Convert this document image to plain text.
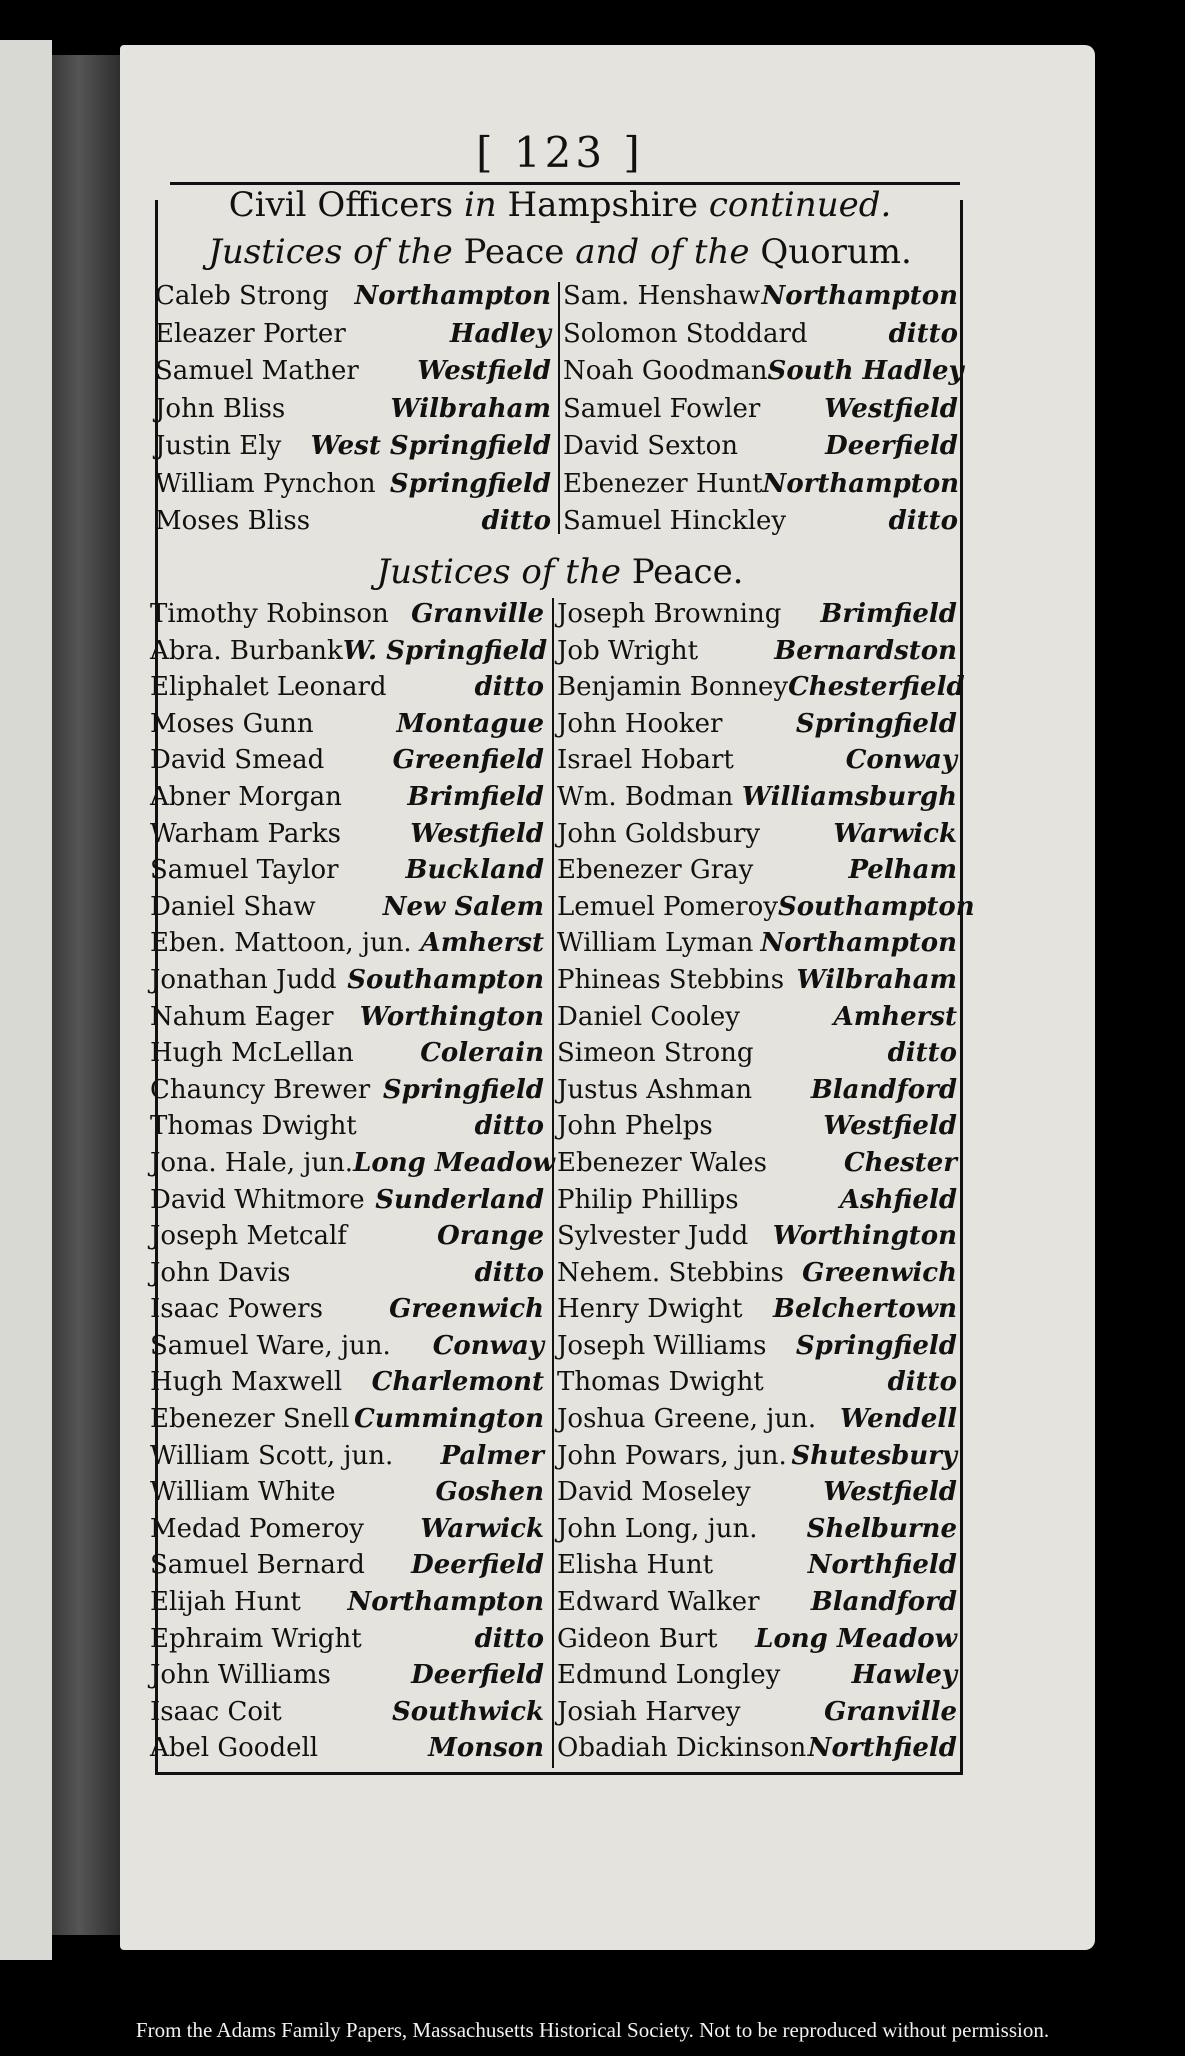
[ 123 ]
Civil Officers in Hampshire continued.
Justices of the Peace and of the Quorum.
Caleb Strong Northampton
Eleazer Porter	Hadley
Samuel Mather Westfield
John Bliss	Wilbraham
Justin Ely West Springfield
William Pynchon Springfield
Moses Bliss	ditto
Sam. Henshaw Northampton
Solomon Stoddard	ditto
Noah Goodman South Hadley
Samuel Fowler Westfield
David Sexton	Deerfield
Ebenezer Hunt Northampton
Samuel Hinckley	ditto
Justices of the Peace.
Timothy Robinson Granville
Abra. Burbank W. Springfield
Eliphalet Leonard	ditto
Moses Gunn	Montague
David Smead	Greenfield
Abner Morgan	Brimfield
Warham Parks	Westfield
Samuel Taylor	Buckland
Daniel Shaw	New Salem
Eben. Mattoon, jun. Amherst
Jonathan Judd Southampton
Nahum Eager Worthington
Hugh McLellan	Colerain
Chauncy Brewer Springfield
Thomas Dwight	ditto
Jona. Hale, jun. Long Meadow
David Whitmore Sunderland
Joseph Metcalf	Orange
John Davis	ditto
Isaac Powers	Greenwich
Samuel Ware, jun. Conway
Hugh Maxwell Charlemont
Ebenezer Snell Cummington
William Scott, jun. Palmer
William White	Goshen
Medad Pomeroy Warwick
Samuel Bernard Deerfield
Elijah Hunt Northampton
Ephraim Wright	ditto
John Williams	Deerfield
Isaac Coit	Southwick
Abel Goodell	Monson
Joseph Browning Brimfield
Job Wright	Bernardston
Benjamin Bonney Chesterfield
John Hooker	Springfield
Israel Hobart	Conway
Wm. Bodman Williamsburgh
John Goldsbury	Warwick
Ebenezer Gray	Pelham
Lemuel Pomeroy Southampton
William Lyman Northampton
Phineas Stebbins Wilbraham
Daniel Cooley	Amherst
Simeon Strong	ditto
Justus Ashman Blandford
John Phelps	Westfield
Ebenezer Wales	Chester
Philip Phillips	Ashfield
Sylvester Judd Worthington
Nehem. Stebbins Greenwich
Henry Dwight Belchertown
Joseph Williams Springfield
Thomas Dwight	ditto
Joshua Greene, jun. Wendell
John Powars, jun. Shutesbury
David Moseley	Westfield
John Long, jun. Shelburne
Elisha Hunt	Northfield
Edward Walker Blandford
Gideon Burt Long Meadow
Edmund Longley	Hawley
Josiah Harvey	Granville
Obadiah Dickinson Northfield
From the Adams Family Papers, Massachusetts Historical Society. Not to be reproduced without permission.
